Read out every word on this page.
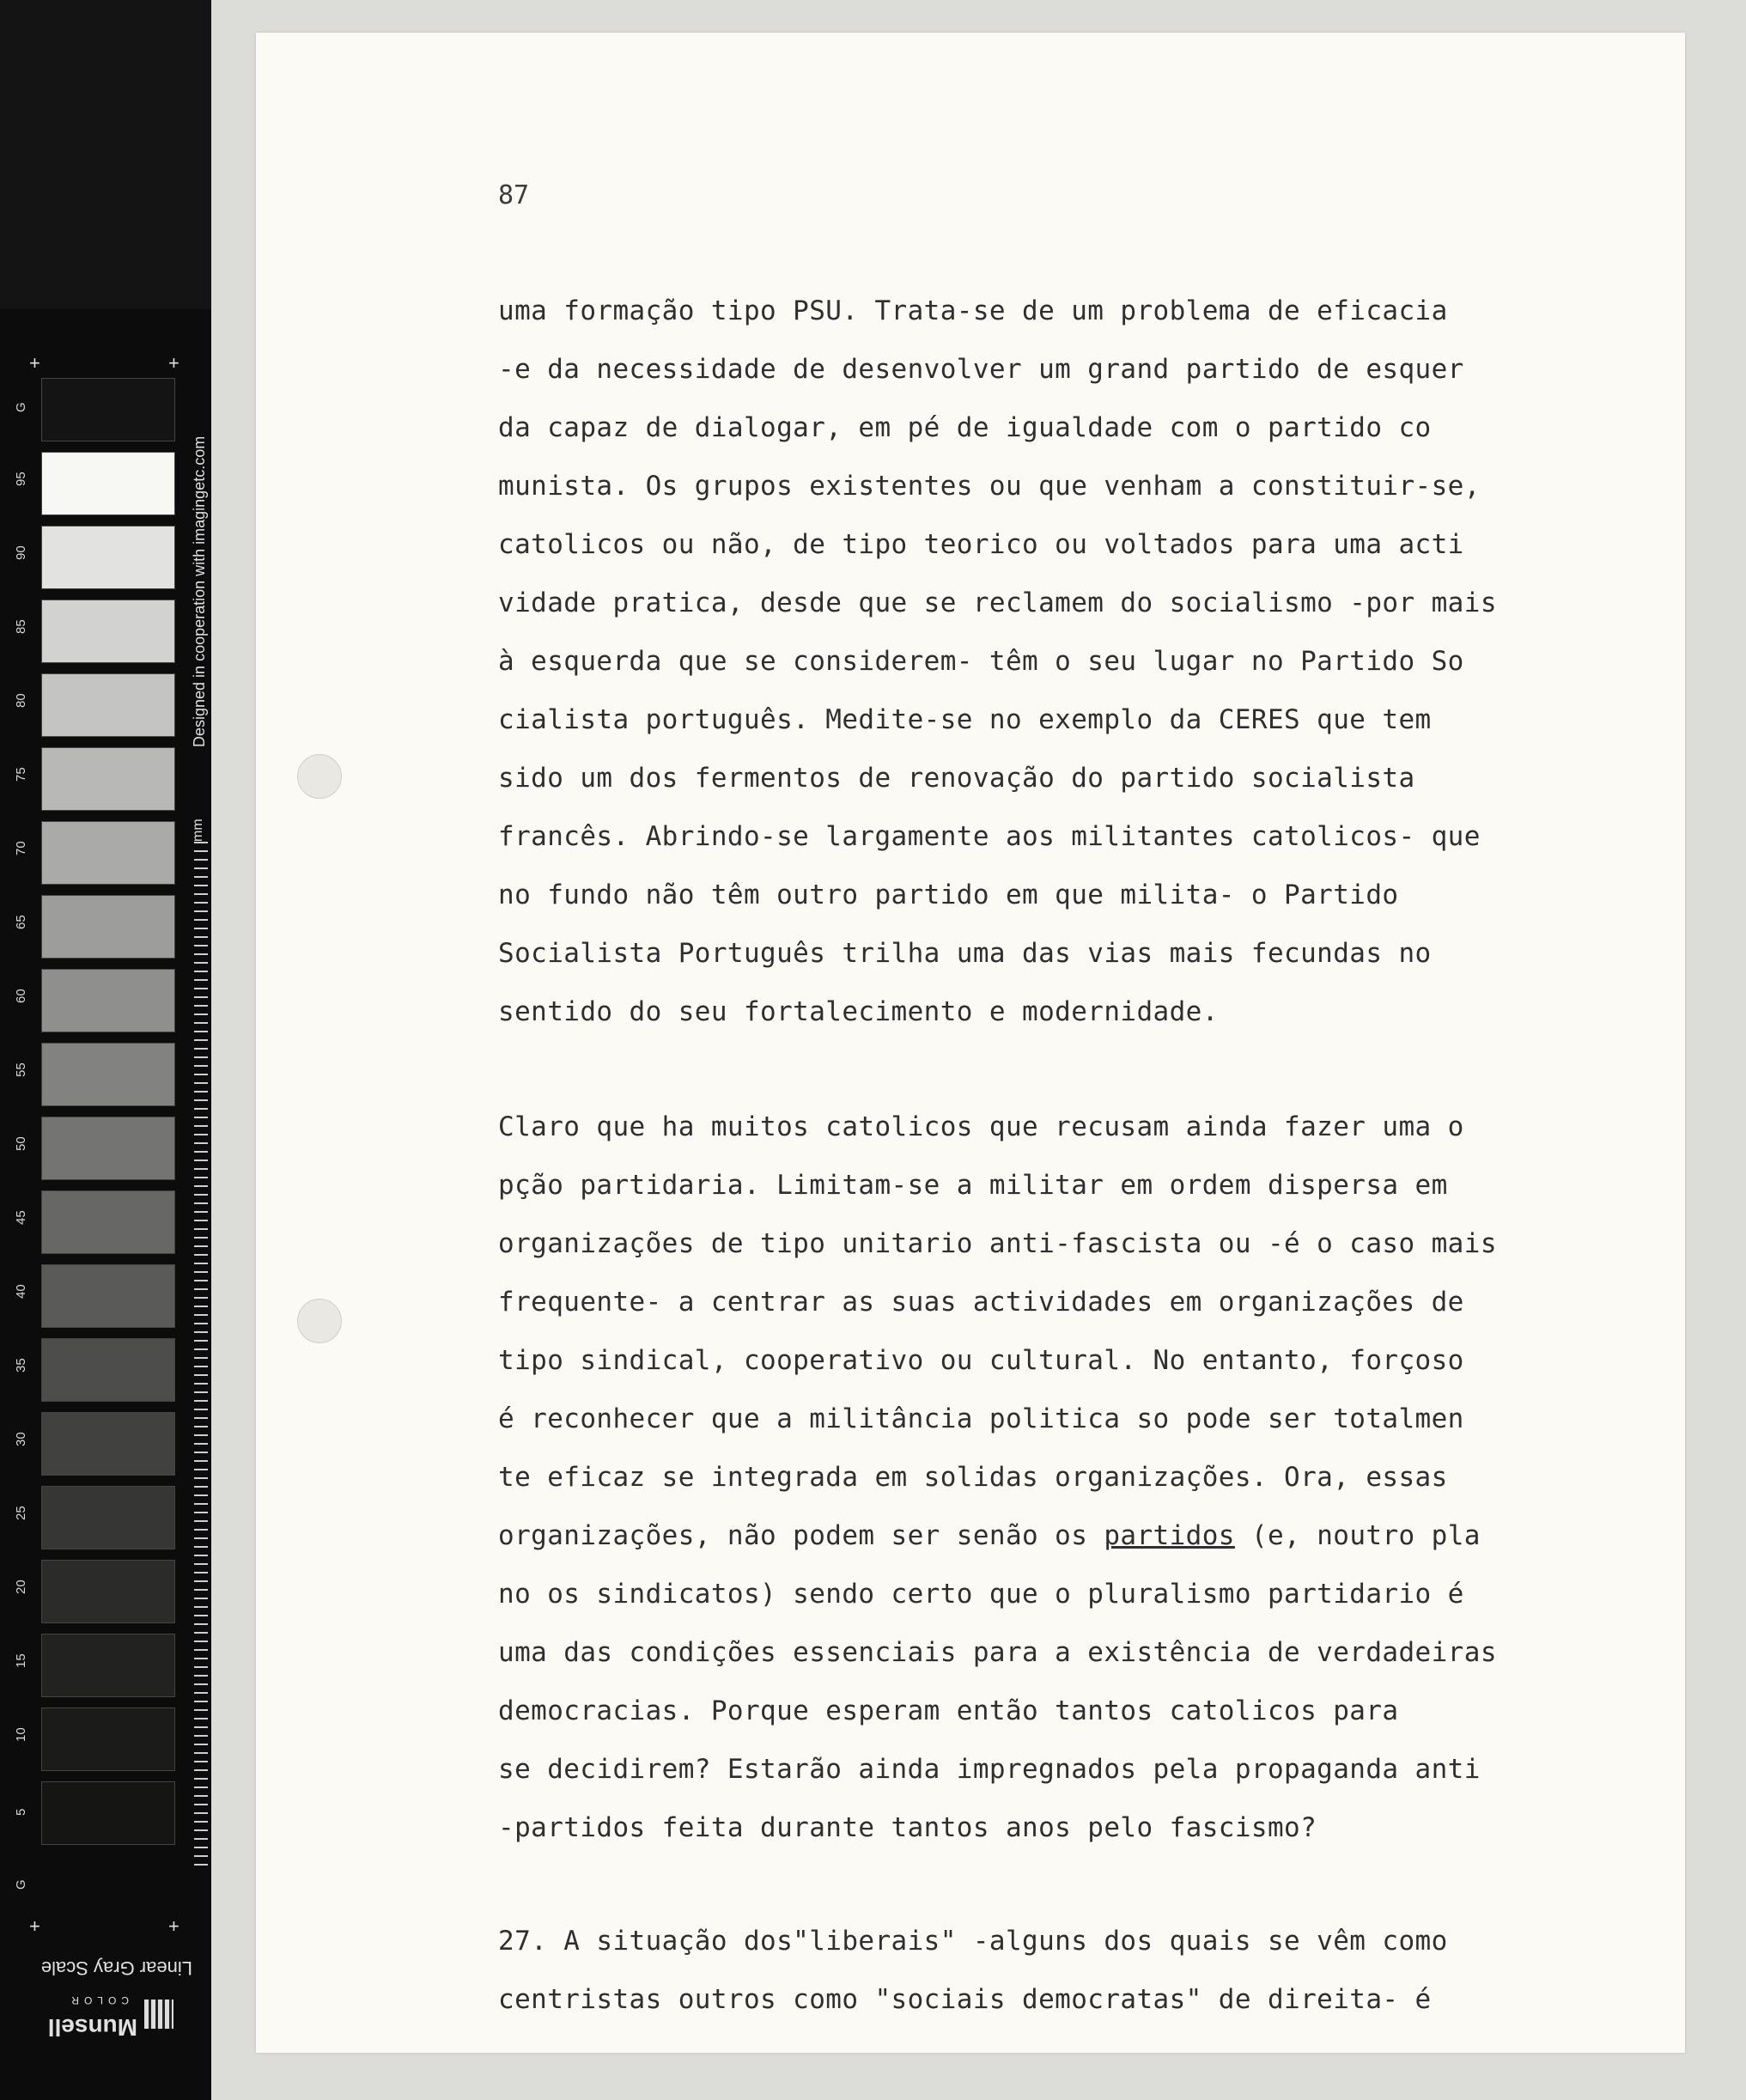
+	+
G
95
90
85
80
75
70
65
60
55
50
45
40
35
30
25
20
15
10
5
G
Designed in cooperation with imagingetc.com
mm
+	+
Linear Gray Scale
Munsell
COLOR
87
uma formação tipo PSU. Trata-se de um problema de eficacia
-e da necessidade de desenvolver um grand partido de esquer
da capaz de dialogar, em pé de igualdade com o partido co
munista. Os grupos existentes ou que venham a constituir-se,
catolicos ou não, de tipo teorico ou voltados para uma acti
vidade pratica, desde que se reclamem do socialismo -por mais
à esquerda que se considerem- têm o seu lugar no Partido So
cialista português. Medite-se no exemplo da CERES que tem
sido um dos fermentos de renovação do partido socialista
francês. Abrindo-se largamente aos militantes catolicos- que
no fundo não têm outro partido em que milita- o Partido
Socialista Português trilha uma das vias mais fecundas no
sentido do seu fortalecimento e modernidade.
Claro que ha muitos catolicos que recusam ainda fazer uma o
pção partidaria. Limitam-se a militar em ordem dispersa em
organizações de tipo unitario anti-fascista ou -é o caso mais
frequente- a centrar as suas actividades em organizações de
tipo sindical, cooperativo ou cultural. No entanto, forçoso
é reconhecer que a militância politica so pode ser totalmen
te eficaz se integrada em solidas organizações. Ora, essas
organizações, não podem ser senão os partidos (e, noutro pla
no os sindicatos) sendo certo que o pluralismo partidario é
uma das condições essenciais para a existência de verdadeiras
democracias. Porque esperam então tantos catolicos para
se decidirem? Estarão ainda impregnados pela propaganda anti
-partidos feita durante tantos anos pelo fascismo?
27. A situação dos"liberais" -alguns dos quais se vêm como
centristas outros como "sociais democratas" de direita- é
